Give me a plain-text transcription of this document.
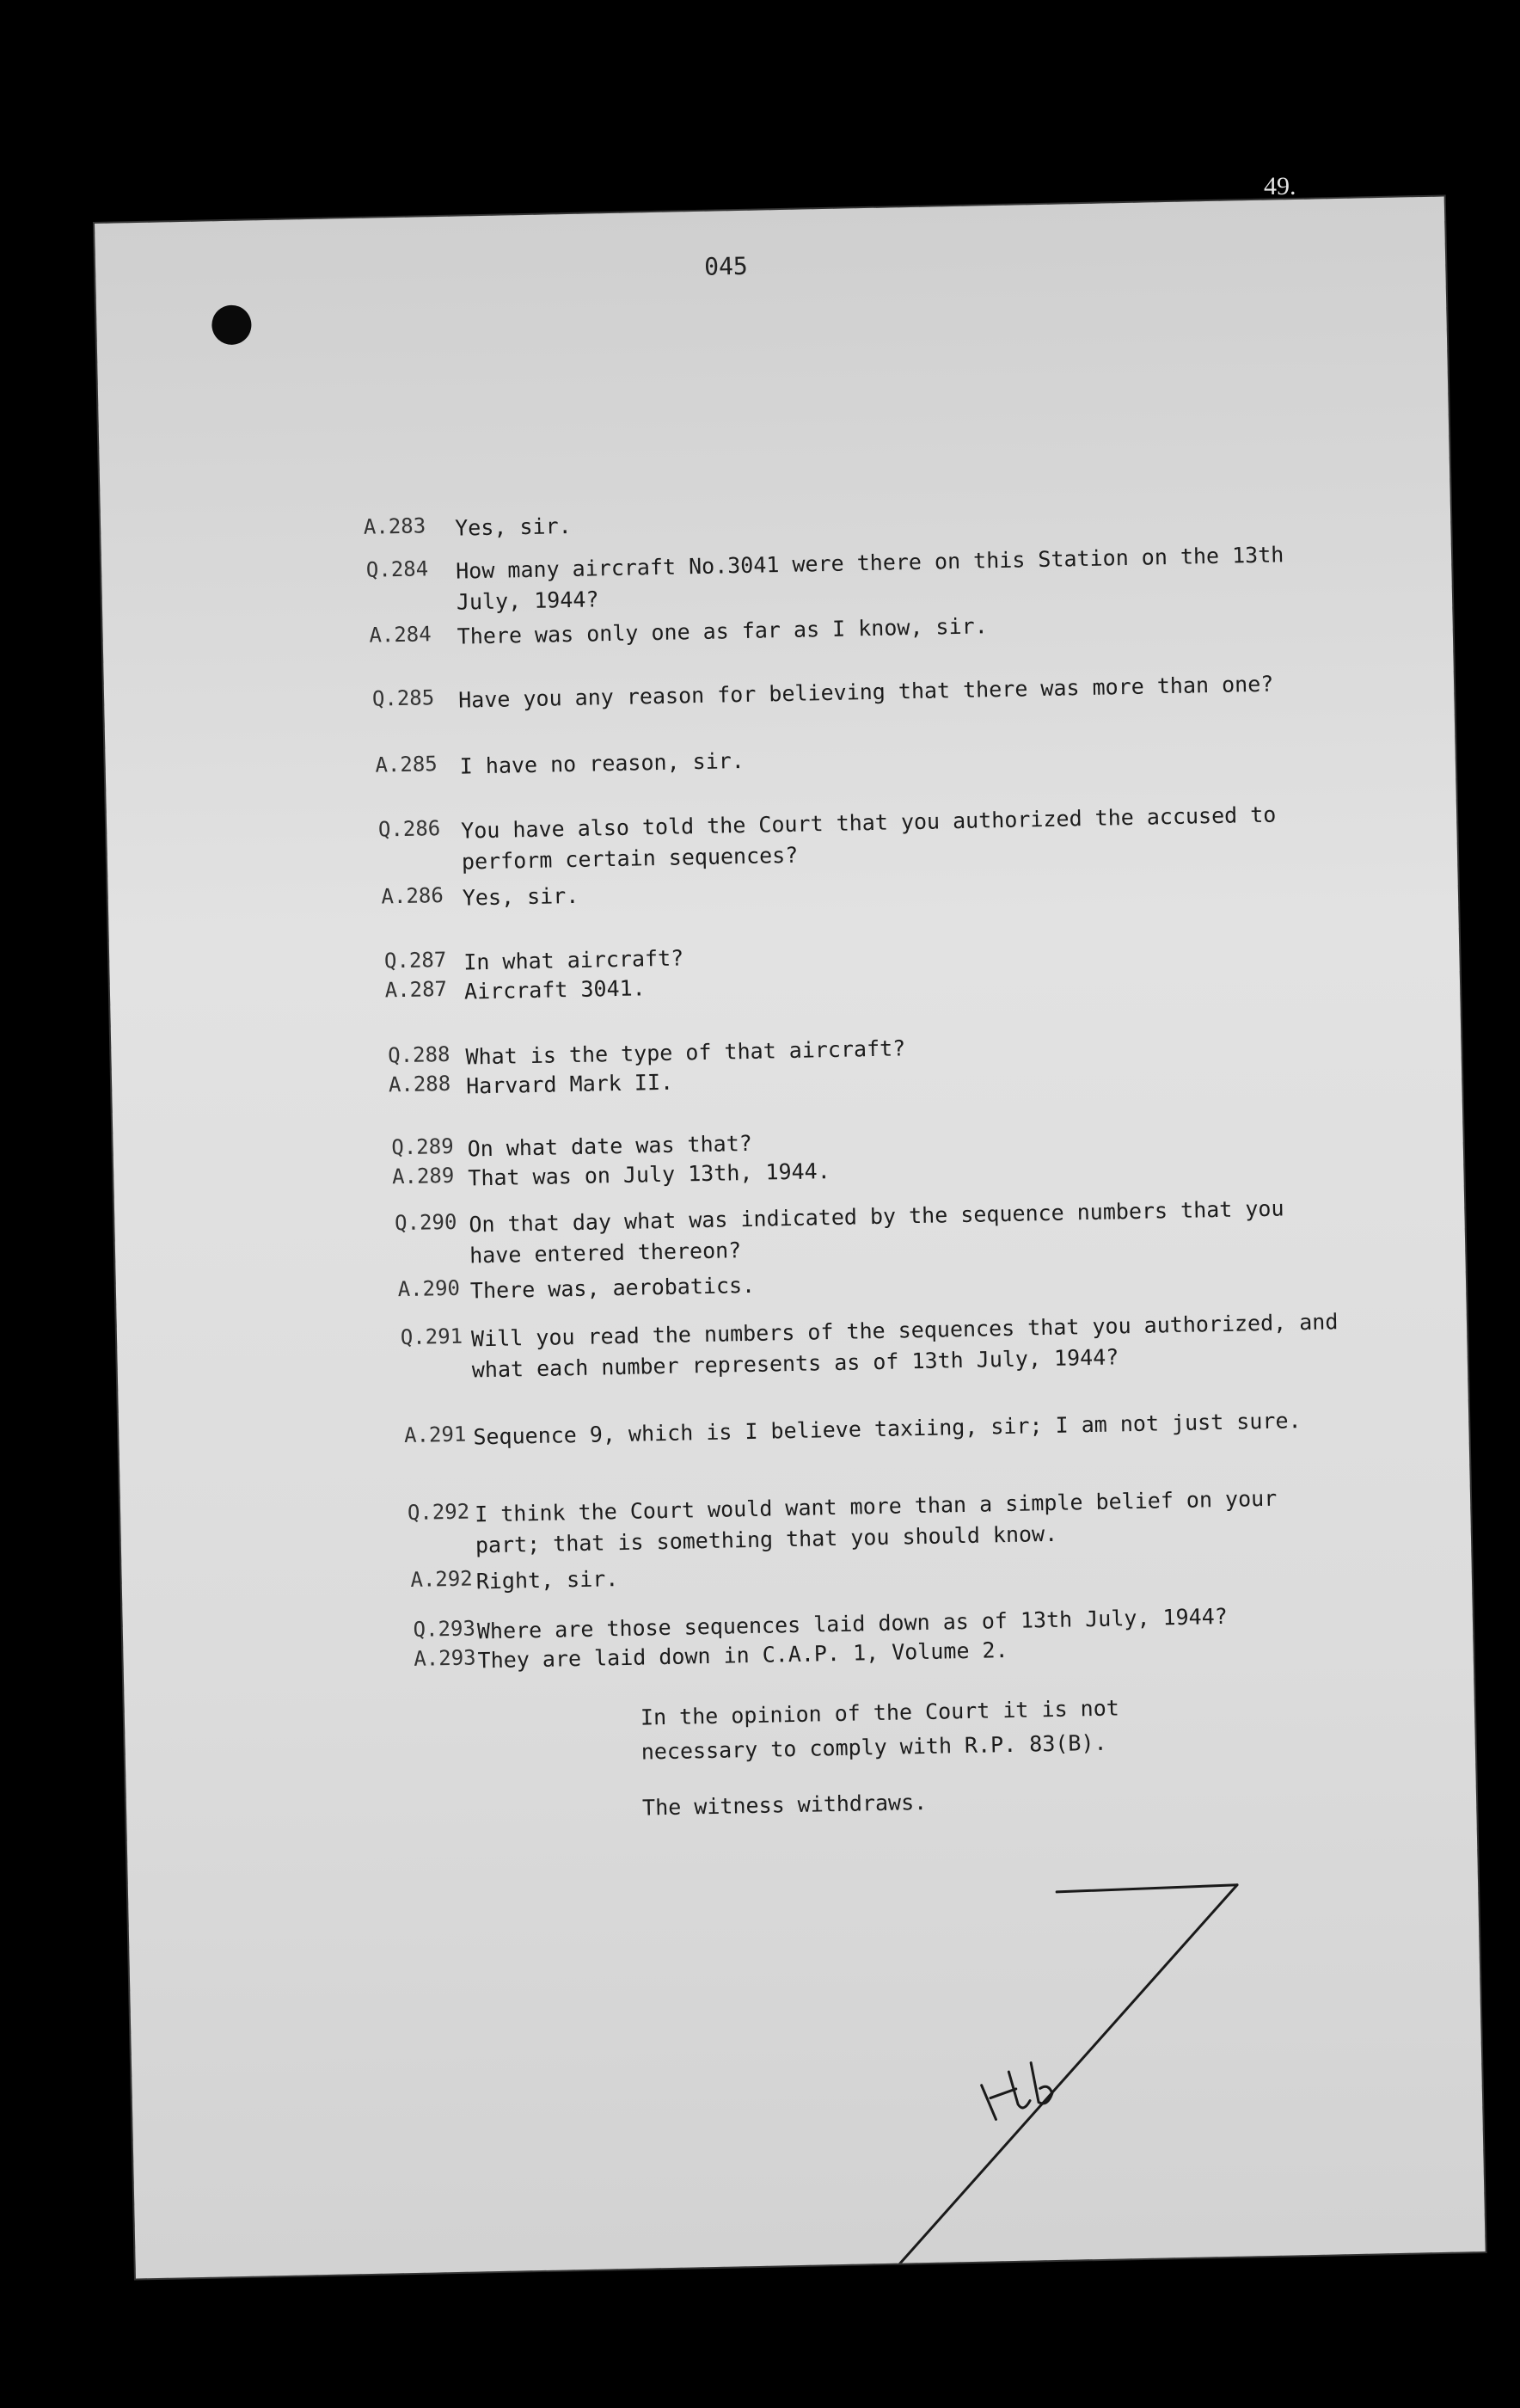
49.
045
A.283 Yes, sir.
Q.284 How many aircraft No.3041 were there on this Station on the 13th July, 1944?
A.284 There was only one as far as I know, sir.
Q.285 Have you any reason for believing that there was more than one?
A.285 I have no reason, sir.
Q.286 You have also told the Court that you authorized the accused to perform certain sequences?
A.286 Yes, sir.
Q.287 In what aircraft?
A.287 Aircraft 3041.
Q.288 What is the type of that aircraft?
A.288 Harvard Mark II.
Q.289 On what date was that?
A.289 That was on July 13th, 1944.
Q.290 On that day what was indicated by the sequence numbers that you have entered thereon?
A.290 There was, aerobatics.
Q.291 Will you read the numbers of the sequences that you authorized, and what each number represents as of 13th July, 1944?
A.291 Sequence 9, which is I believe taxiing, sir; I am not just sure.
Q.292 I think the Court would want more than a simple belief on your part; that is something that you should know.
A.292 Right, sir.
Q.293 Where are those sequences laid down as of 13th July, 1944?
A.293 They are laid down in C.A.P. 1, Volume 2.
In the opinion of the Court it is not necessary to comply with R.P. 83(B).
The witness withdraws.
